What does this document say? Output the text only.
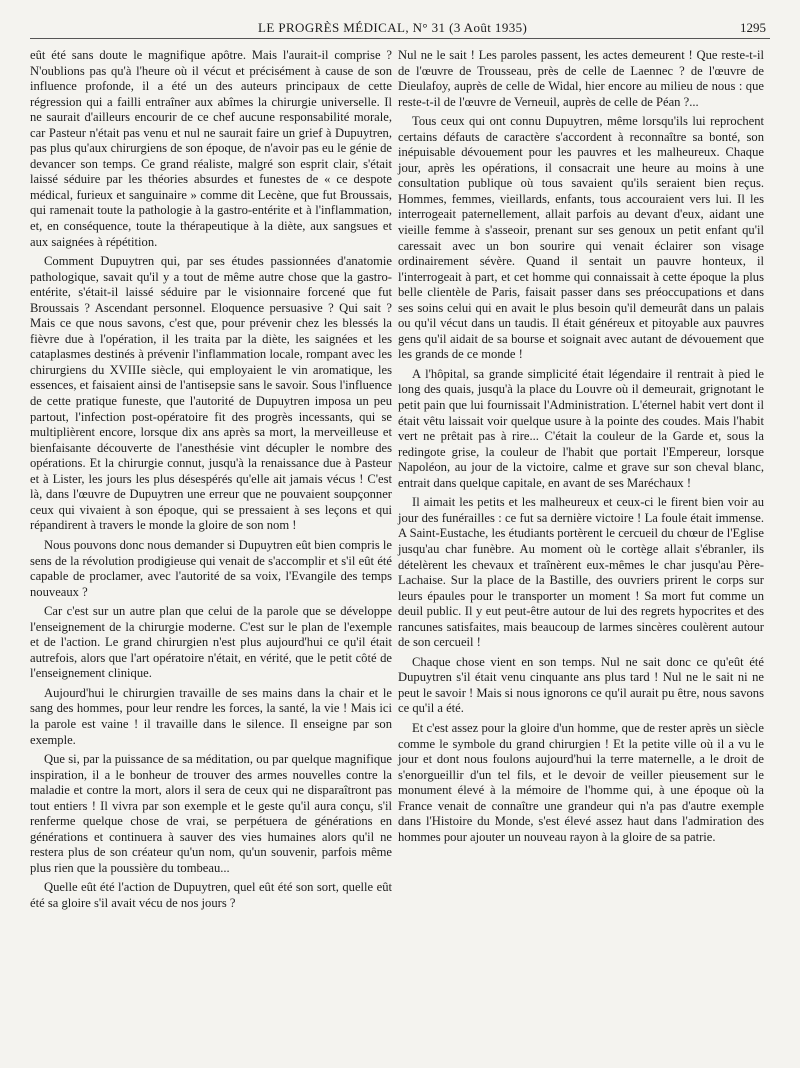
LE PROGRÈS MÉDICAL, N° 31 (3 Août 1935)	1295

eût été sans doute le magnifique apôtre. Mais l'aurait-il comprise ? N'oublions pas qu'à l'heure où il vécut et précisément à cause de son influence profonde, il a été un des auteurs principaux de cette régression qui a failli entraîner aux abîmes la chirurgie universelle. Il ne saurait d'ailleurs encourir de ce chef aucune responsabilité morale, car Pasteur n'était pas venu et nul ne saurait faire un grief à Dupuytren, pas plus qu'aux chirurgiens de son époque, de n'avoir pas eu le génie de devancer son temps. Ce grand réaliste, malgré son esprit clair, s'était laissé séduire par les théories absurdes et funestes de « ce despote médical, furieux et sanguinaire » comme dit Lecène, que fut Broussais, qui ramenait toute la pathologie à la gastro-entérite et à l'inflammation, et, en conséquence, toute la thérapeutique à la diète, aux sangsues et aux saignées à répétition.

Comment Dupuytren qui, par ses études passionnées d'anatomie pathologique, savait qu'il y a tout de même autre chose que la gastro-entérite, s'était-il laissé séduire par le visionnaire forcené que fut Broussais ? Ascendant personnel. Eloquence persuasive ? Qui sait ? Mais ce que nous savons, c'est que, pour prévenir chez les blessés la fièvre due à l'opération, il les traita par la diète, les saignées et les cataplasmes destinés à prévenir l'inflammation locale, rompant avec les chirurgiens du XVIIIe siècle, qui employaient le vin aromatique, les essences, et faisaient ainsi de l'antisepsie sans le savoir. Sous l'influence de cette pratique funeste, que l'autorité de Dupuytren imposa un peu partout, l'infection post-opératoire fit des progrès incessants, qui se multiplièrent encore, lorsque dix ans après sa mort, la merveilleuse et bienfaisante découverte de l'anesthésie vint décupler le nombre des opérations. Et la chirurgie connut, jusqu'à la renaissance due à Pasteur et à Lister, les jours les plus désespérés qu'elle ait jamais vécus ! C'est là, dans l'œuvre de Dupuytren une erreur que ne pouvaient soupçonner ceux qui vivaient à son époque, qui se pressaient à ses leçons et qui répandirent à travers le monde la gloire de son nom !

Nous pouvons donc nous demander si Dupuytren eût bien compris le sens de la révolution prodigieuse qui venait de s'accomplir et s'il eût été capable de proclamer, avec l'autorité de sa voix, l'Evangile des temps nouveaux ?

Car c'est sur un autre plan que celui de la parole que se développe l'enseignement de la chirurgie moderne. C'est sur le plan de l'exemple et de l'action. Le grand chirurgien n'est plus aujourd'hui ce qu'il était autrefois, alors que l'art opératoire n'était, en vérité, que le petit côté de l'enseignement clinique.

Aujourd'hui le chirurgien travaille de ses mains dans la chair et le sang des hommes, pour leur rendre les forces, la santé, la vie ! Mais ici la parole est vaine ! il travaille dans le silence. Il enseigne par son exemple.

Que si, par la puissance de sa méditation, ou par quelque magnifique inspiration, il a le bonheur de trouver des armes nouvelles contre la maladie et contre la mort, alors il sera de ceux qui ne disparaîtront pas tout entiers ! Il vivra par son exemple et le geste qu'il aura conçu, s'il renferme quelque chose de vrai, se perpétuera de générations en générations et continuera à sauver des vies humaines alors qu'il ne restera plus de son créateur qu'un nom, qu'un souvenir, parfois même plus rien que la poussière du tombeau...

Quelle eût été l'action de Dupuytren, quel eût été son sort, quelle eût été sa gloire s'il avait vécu de nos jours ?

Nul ne le sait ! Les paroles passent, les actes demeurent ! Que reste-t-il de l'œuvre de Trousseau, près de celle de Laennec ? de l'œuvre de Dieulafoy, auprès de celle de Widal, hier encore au milieu de nous : que reste-t-il de l'œuvre de Verneuil, auprès de celle de Péan ?...

Tous ceux qui ont connu Dupuytren, même lorsqu'ils lui reprochent certains défauts de caractère s'accordent à reconnaître sa bonté, son inépuisable dévouement pour les pauvres et les malheureux. Chaque jour, après les opérations, il consacrait une heure au moins à une consultation publique où tous savaient qu'ils seraient bien reçus. Hommes, femmes, vieillards, enfants, tous accouraient vers lui. Il les interrogeait paternellement, allait parfois au devant d'eux, aidant une vieille femme à s'asseoir, prenant sur ses genoux un petit enfant qu'il caressait avec un bon sourire qui venait éclairer son visage ordinairement sévère. Quand il sentait un pauvre honteux, il l'interrogeait à part, et cet homme qui connaissait à cette époque la plus belle clientèle de Paris, faisait passer dans ses préoccupations et dans ses soins celui qui en avait le plus besoin qu'il demeurât dans un palais ou qu'il vécut dans un taudis. Il était généreux et pitoyable aux pauvres gens qu'il aidait de sa bourse et soignait avec autant de dévouement que les grands de ce monde !

A l'hôpital, sa grande simplicité était légendaire il rentrait à pied le long des quais, jusqu'à la place du Louvre où il demeurait, grignotant le petit pain que lui fournissait l'Administration. L'éternel habit vert dont il était vêtu laissait voir quelque usure à la pointe des coudes. Mais l'habit vert ne prêtait pas à rire... C'était la couleur de la Garde et, sous la redingote grise, la couleur de l'habit que portait l'Empereur, lorsque Napoléon, au jour de la victoire, calme et grave sur son cheval blanc, entrait dans quelque capitale, en avant de ses Maréchaux !

Il aimait les petits et les malheureux et ceux-ci le firent bien voir au jour des funérailles : ce fut sa dernière victoire ! La foule était immense. A Saint-Eustache, les étudiants portèrent le cercueil du chœur de l'Eglise jusqu'au char funèbre. Au moment où le cortège allait s'ébranler, ils dételèrent les chevaux et traînèrent eux-mêmes le char jusqu'au Père-Lachaise. Sur la place de la Bastille, des ouvriers prirent le corps sur leurs épaules pour le transporter un moment ! Sa mort fut comme un deuil public. Il y eut peut-être autour de lui des regrets hypocrites et des rancunes satisfaites, mais beaucoup de larmes sincères coulèrent autour de son cercueil !

Chaque chose vient en son temps. Nul ne sait donc ce qu'eût été Dupuytren s'il était venu cinquante ans plus tard ! Nul ne le sait ni ne peut le savoir ! Mais si nous ignorons ce qu'il aurait pu être, nous savons ce qu'il a été.

Et c'est assez pour la gloire d'un homme, que de rester après un siècle comme le symbole du grand chirurgien ! Et la petite ville où il a vu le jour et dont nous foulons aujourd'hui la terre maternelle, a le droit de s'enorgueillir d'un tel fils, et le devoir de veiller pieusement sur le monument élevé à la mémoire de l'homme qui, à une époque où la France venait de connaître une grandeur qui n'a pas d'autre exemple dans l'Histoire du Monde, s'est élevé assez haut dans l'admiration des hommes pour ajouter un nouveau rayon à la gloire de sa patrie.
